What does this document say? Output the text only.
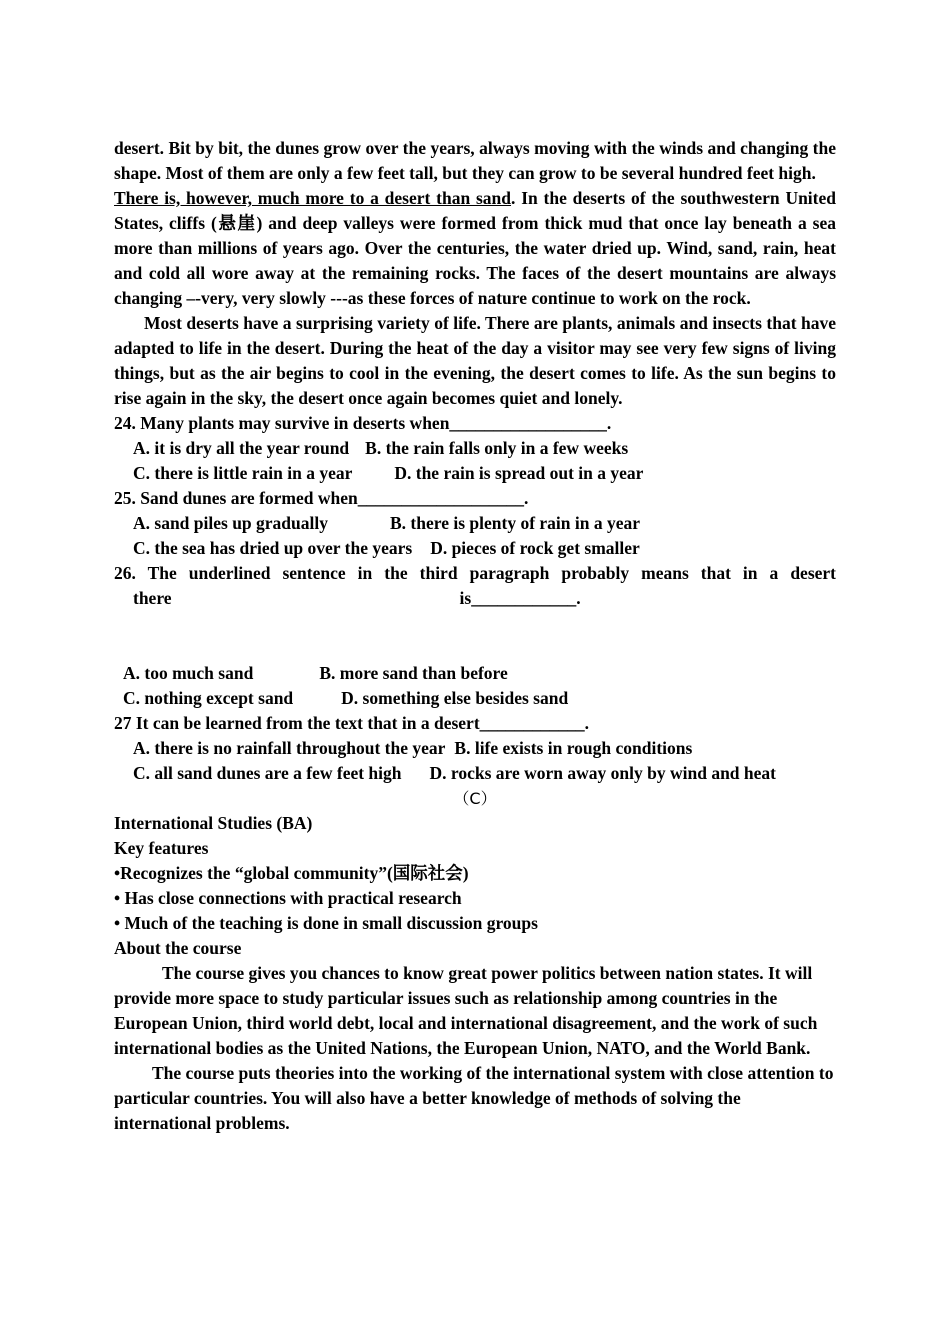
desert. Bit by bit, the dunes grow over the years, always moving with the winds and changing the shape. Most of them are only a few feet tall, but they can grow to be several hundred feet high.
There is, however, much more to a desert than sand. In the deserts of the southwestern United States, cliffs (悬崖) and deep valleys were formed from thick mud that once lay beneath a sea more than millions of years ago. Over the centuries, the water dried up. Wind, sand, rain, heat and cold all wore away at the remaining rocks. The faces of the desert mountains are always changing –-very, very slowly ---as these forces of nature continue to work on the rock.
Most deserts have a surprising variety of life. There are plants, animals and insects that have adapted to life in the desert. During the heat of the day a visitor may see very few signs of living things, but as the air begins to cool in the evening, the desert comes to life. As the sun begins to rise again in the sky, the desert once again becomes quiet and lonely.
24. Many plants may survive in deserts when__________________.
A. it is dry all the year round B. the rain falls only in a few weeks
C. there is little rain in a year D. the rain is spread out in a year
25. Sand dunes are formed when___________________.
A. sand piles up gradually	B. there is plenty of rain in a year
C. the sea has dried up over the years D. pieces of rock get smaller
26. The underlined sentence in the third paragraph probably means that in a desert
there	is____________.
A. too much sand	B. more sand than before
C. nothing except sand	D. something else besides sand
27 It can be learned from the text that in a desert____________.
A. there is no rainfall throughout the year B. life exists in rough conditions
C. all sand dunes are a few feet high D. rocks are worn away only by wind and heat
（C）
International Studies (BA)
Key features
•Recognizes the “global community”(国际社会)
• Has close connections with practical research
• Much of the teaching is done in small discussion groups
About the course
The course gives you chances to know great power politics between nation states. It will provide more space to study particular issues such as relationship among countries in the European Union, third world debt, local and international disagreement, and the work of such international bodies as the United Nations, the European Union, NATO, and the World Bank.
The course puts theories into the working of the international system with close attention to particular countries. You will also have a better knowledge of methods of solving the international problems.
